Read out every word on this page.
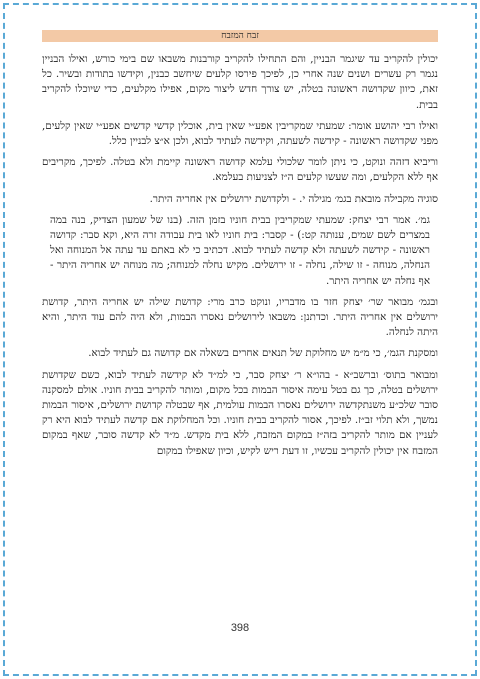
זבח המזבח

יכולין להקריב עד שיגמר הבניין, והם התחילו להקריב קורבנות משבאו שם בימי כורש, ואילו הבניין נגמר רק עשרים ושנים שנה אחרי כן, לפיכך פירסו קלעים שיחשב כבנין, וקידשו בתודות ובשיר. כל זאת, כיוון שקדושה ראשונה בטלה, יש צורך חדש ליצור מקום, אפילו מקלעים, כדי שיוכלו להקריב בבית.

ואילו רבי יהושע אומר: שמעתי שמקריבין אפע״י שאין בית, אוכלין קדשי קדשים אפע״י שאין קלעים, מפני שקדושה ראשונה - קידשה לשעתה, וקידשה לעתיד לבוא, ולכן א״צ לבניין כלל.

וריביא דזהה ונוקט, כי ניתן לומר שלכולי עלמא קדושה ראשונה קיימת ולא בטלה. לפיכך, מקריבים אף ללא הקלעים, ומה שעשו קלעים ה״ז לצניעות בעלמא.

סוגיה מקבילה מובאת בגמ׳ מגילה י. - ולקדושת ירושלים אין אחריה היתר.

גמ׳. אמר רבי יצחק: שמעתי שמקריבין בבית חוניו בזמן הזה. (בנו של שמעון הצדיק, בנה במה במצרים לשם שמים, ענותה קט:) - קסבר: בית חוניו לאו בית עבודה זרה היא, וקא סבר: קדושה ראשונה - קידשה לשעתה ולא קדשה לעתיד לבוא. דכתיב כי לא באתם עד עתה אל המנוחה ואל הנחלה, מנוחה - זו שילה, נחלה - זו ירושלים. מקיש נחלה למנוחה; מה מנוחה יש אחריה היתר - אף נחלה יש אחריה היתר.

ובגמ׳ מבואר שר׳ יצחק חזר בו מדבריו, ונוקט כרב מרי: קדושת שילה יש אחריה היתר, קדושת ירושלים אין אחריה היתר. וכדתנן: משבאו לירושלים נאסרו הבמות, ולא היה להם עוד היתר, והיא היתה לנחלה.

ומסקנת הגמ׳, כי מ״מ יש מחלוקת של תנאים אחרים בשאלה אם קדושה גם לעתיד לבוא.

ומבואר בתוס׳ וברשב״א - בהו״א ר׳ יצחק סבר, כי למ״ד לא קידשה לעתיד לבוא, כשם שקדושת ירושלים בטלה, כך גם בטל עימה איסור הבמות בכל מקום, ומותר להקריב בבית חוניו. אולם למסקנה סובר שלכ״ע משנתקדשה ירושלים נאסרו הבמות עולמית, אף שבטלה קדושת ירושלים, איסור הבמות נמשך, ולא תלוי זב״ז. לפיכך, אסור להקריב בבית חוניו. וכל המחלוקת אם קדשה לעתיד לבוא היא רק לעניין אם מותר להקריב בזה״ז במקום המזבח, ללא בית מקדש. מ״ד לא קדשה סובר, שאף במקום המזבח אין יכולין להקריב עכשיו, זו דעת ריש לקיש, וכיון שאפילו במקום

398
